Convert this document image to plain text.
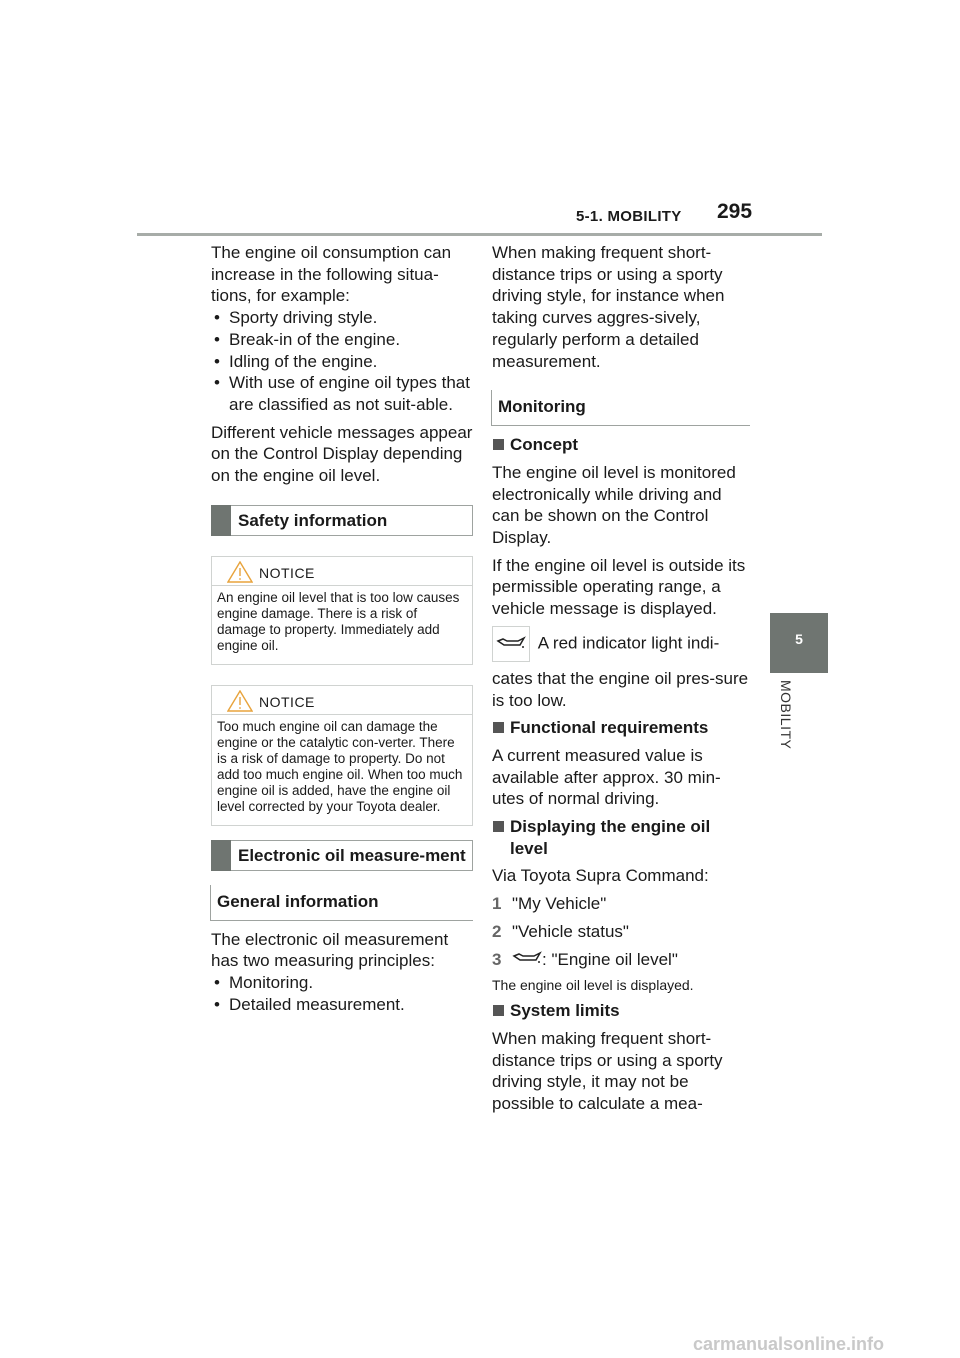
5-1. MOBILITY 295
5
MOBILITY

The engine oil consumption can increase in the following situa-tions, for example:

• Sporty driving style.
• Break-in of the engine.
• Idling of the engine.
• With use of engine oil types that are classified as not suit-able.

Different vehicle messages appear on the Control Display depending on the engine oil level.

Safety information
NOTICE
An engine oil level that is too low causes engine damage. There is a risk of damage to property. Immediately add engine oil.
NOTICE
Too much engine oil can damage the engine or the catalytic con-verter. There is a risk of damage to property. Do not add too much engine oil. When too much engine oil is added, have the engine oil level corrected by your Toyota dealer.
Electronic oil measure-ment
General information

The electronic oil measurement has two measuring principles:

• Monitoring.
• Detailed measurement.

When making frequent short-distance trips or using a sporty driving style, for instance when taking curves aggres-sively, regularly perform a detailed measurement.

Monitoring
Concept

The engine oil level is monitored electronically while driving and can be shown on the Control Display.

If the engine oil level is outside its permissible operating range, a vehicle message is displayed.

A red indicator light indi-

cates that the engine oil pres-sure is too low.

Functional requirements

A current measured value is available after approx. 30 min-utes of normal driving.

Displaying the engine oil level

Via Toyota Supra Command:

1 "My Vehicle"
2 "Vehicle status"
3	: "Engine oil level"

The engine oil level is displayed.

System limits

When making frequent short-distance trips or using a sporty driving style, it may not be possible to calculate a mea-

carmanualsonline.info
